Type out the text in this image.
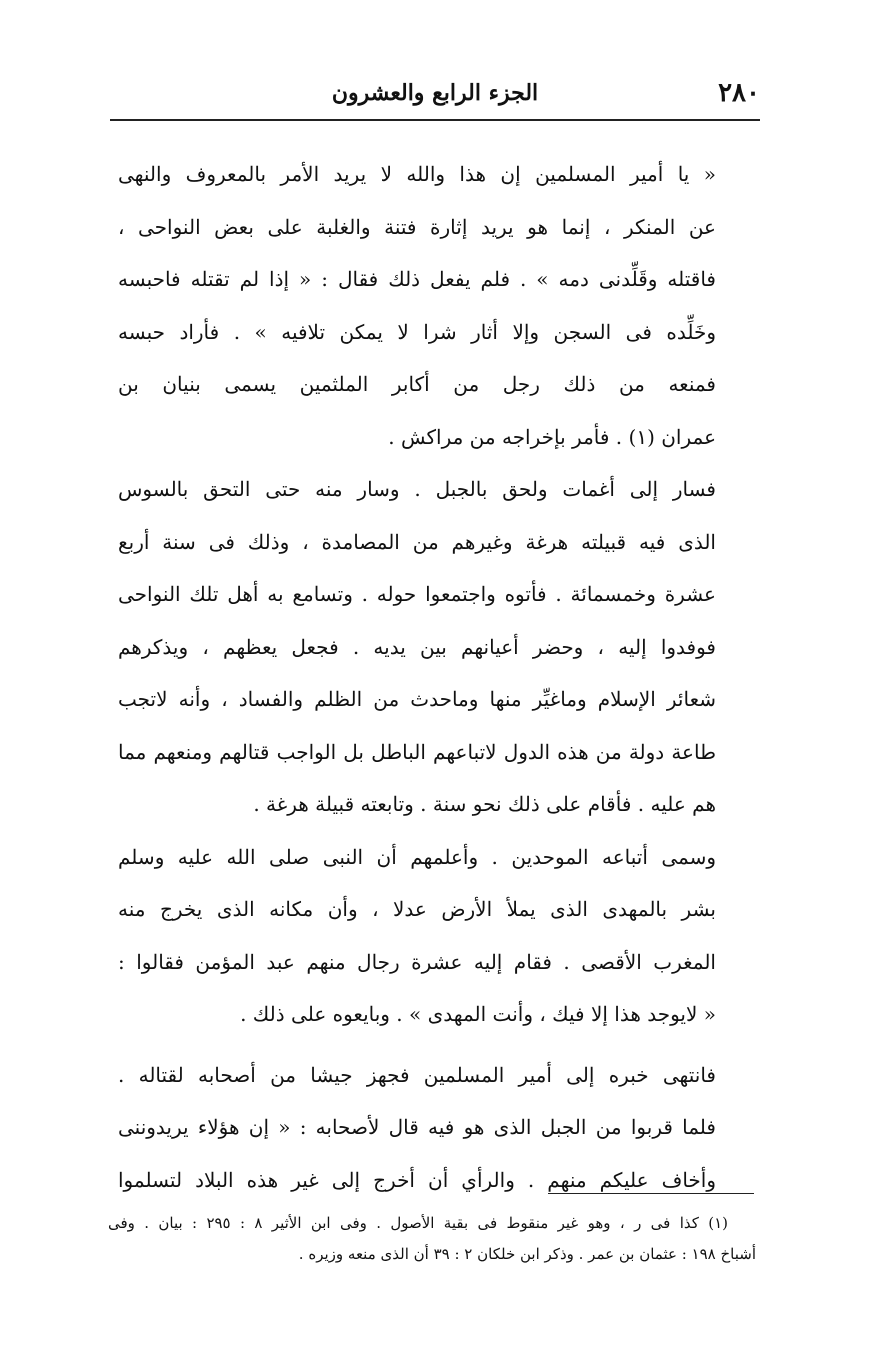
٢٨٠
الجزء الرابع والعشرون

« يا أمير المسلمين إن هذا والله لا يريد الأمر بالمعروف والنهى
عن المنكر ، إنما هو يريد إثارة فتنة والغلبة على بعض النواحى ،
فاقتله وقَلِّدنى دمه » . فلم يفعل ذلك فقال : « إذا لم تقتله فاحبسه
وخَلِّده فى السجن وإلا أثار شرا لا يمكن تلافيه » . فأراد حبسه
فمنعه من ذلك رجل من أكابر الملثمين يسمى بنيان بن
عمران (١) . فأمر بإخراجه من مراكش .

فسار إلى أغمات ولحق بالجبل . وسار منه حتى التحق بالسوس
الذى فيه قبيلته هرغة وغيرهم من المصامدة ، وذلك فى سنة أربع
عشرة وخمسمائة . فأتوه واجتمعوا حوله . وتسامع به أهل تلك النواحى
فوفدوا إليه ، وحضر أعيانهم بين يديه . فجعل يعظهم ، ويذكرهم
شعائر الإسلام وماغيِّر منها وماحدث من الظلم والفساد ، وأنه لاتجب
طاعة دولة من هذه الدول لاتباعهم الباطل بل الواجب قتالهم ومنعهم مما
هم عليه . فأقام على ذلك نحو سنة . وتابعته قبيلة هرغة .

وسمى أتباعه الموحدين . وأعلمهم أن النبى صلى الله عليه وسلم
بشر بالمهدى الذى يملأ الأرض عدلا ، وأن مكانه الذى يخرج منه
المغرب الأقصى . فقام إليه عشرة رجال منهم عبد المؤمن فقالوا :
« لايوجد هذا إلا فيك ، وأنت المهدى » . وبايعوه على ذلك .

فانتهى خبره إلى أمير المسلمين فجهز جيشا من أصحابه لقتاله .
فلما قربوا من الجبل الذى هو فيه قال لأصحابه : « إن هؤلاء يريدوننى
وأخاف عليكم منهم . والرأي أن أخرج إلى غير هذه البلاد لتسلموا

(١) كذا فى ر ، وهو غير منقوط فى بقية الأصول . وفى ابن الأثير ٨ : ٢٩٥ : بيان . وفى
أشباخ ١٩٨ : عثمان بن عمر . وذكر ابن خلكان ٢ : ٣٩ أن الذى منعه وزيره .
